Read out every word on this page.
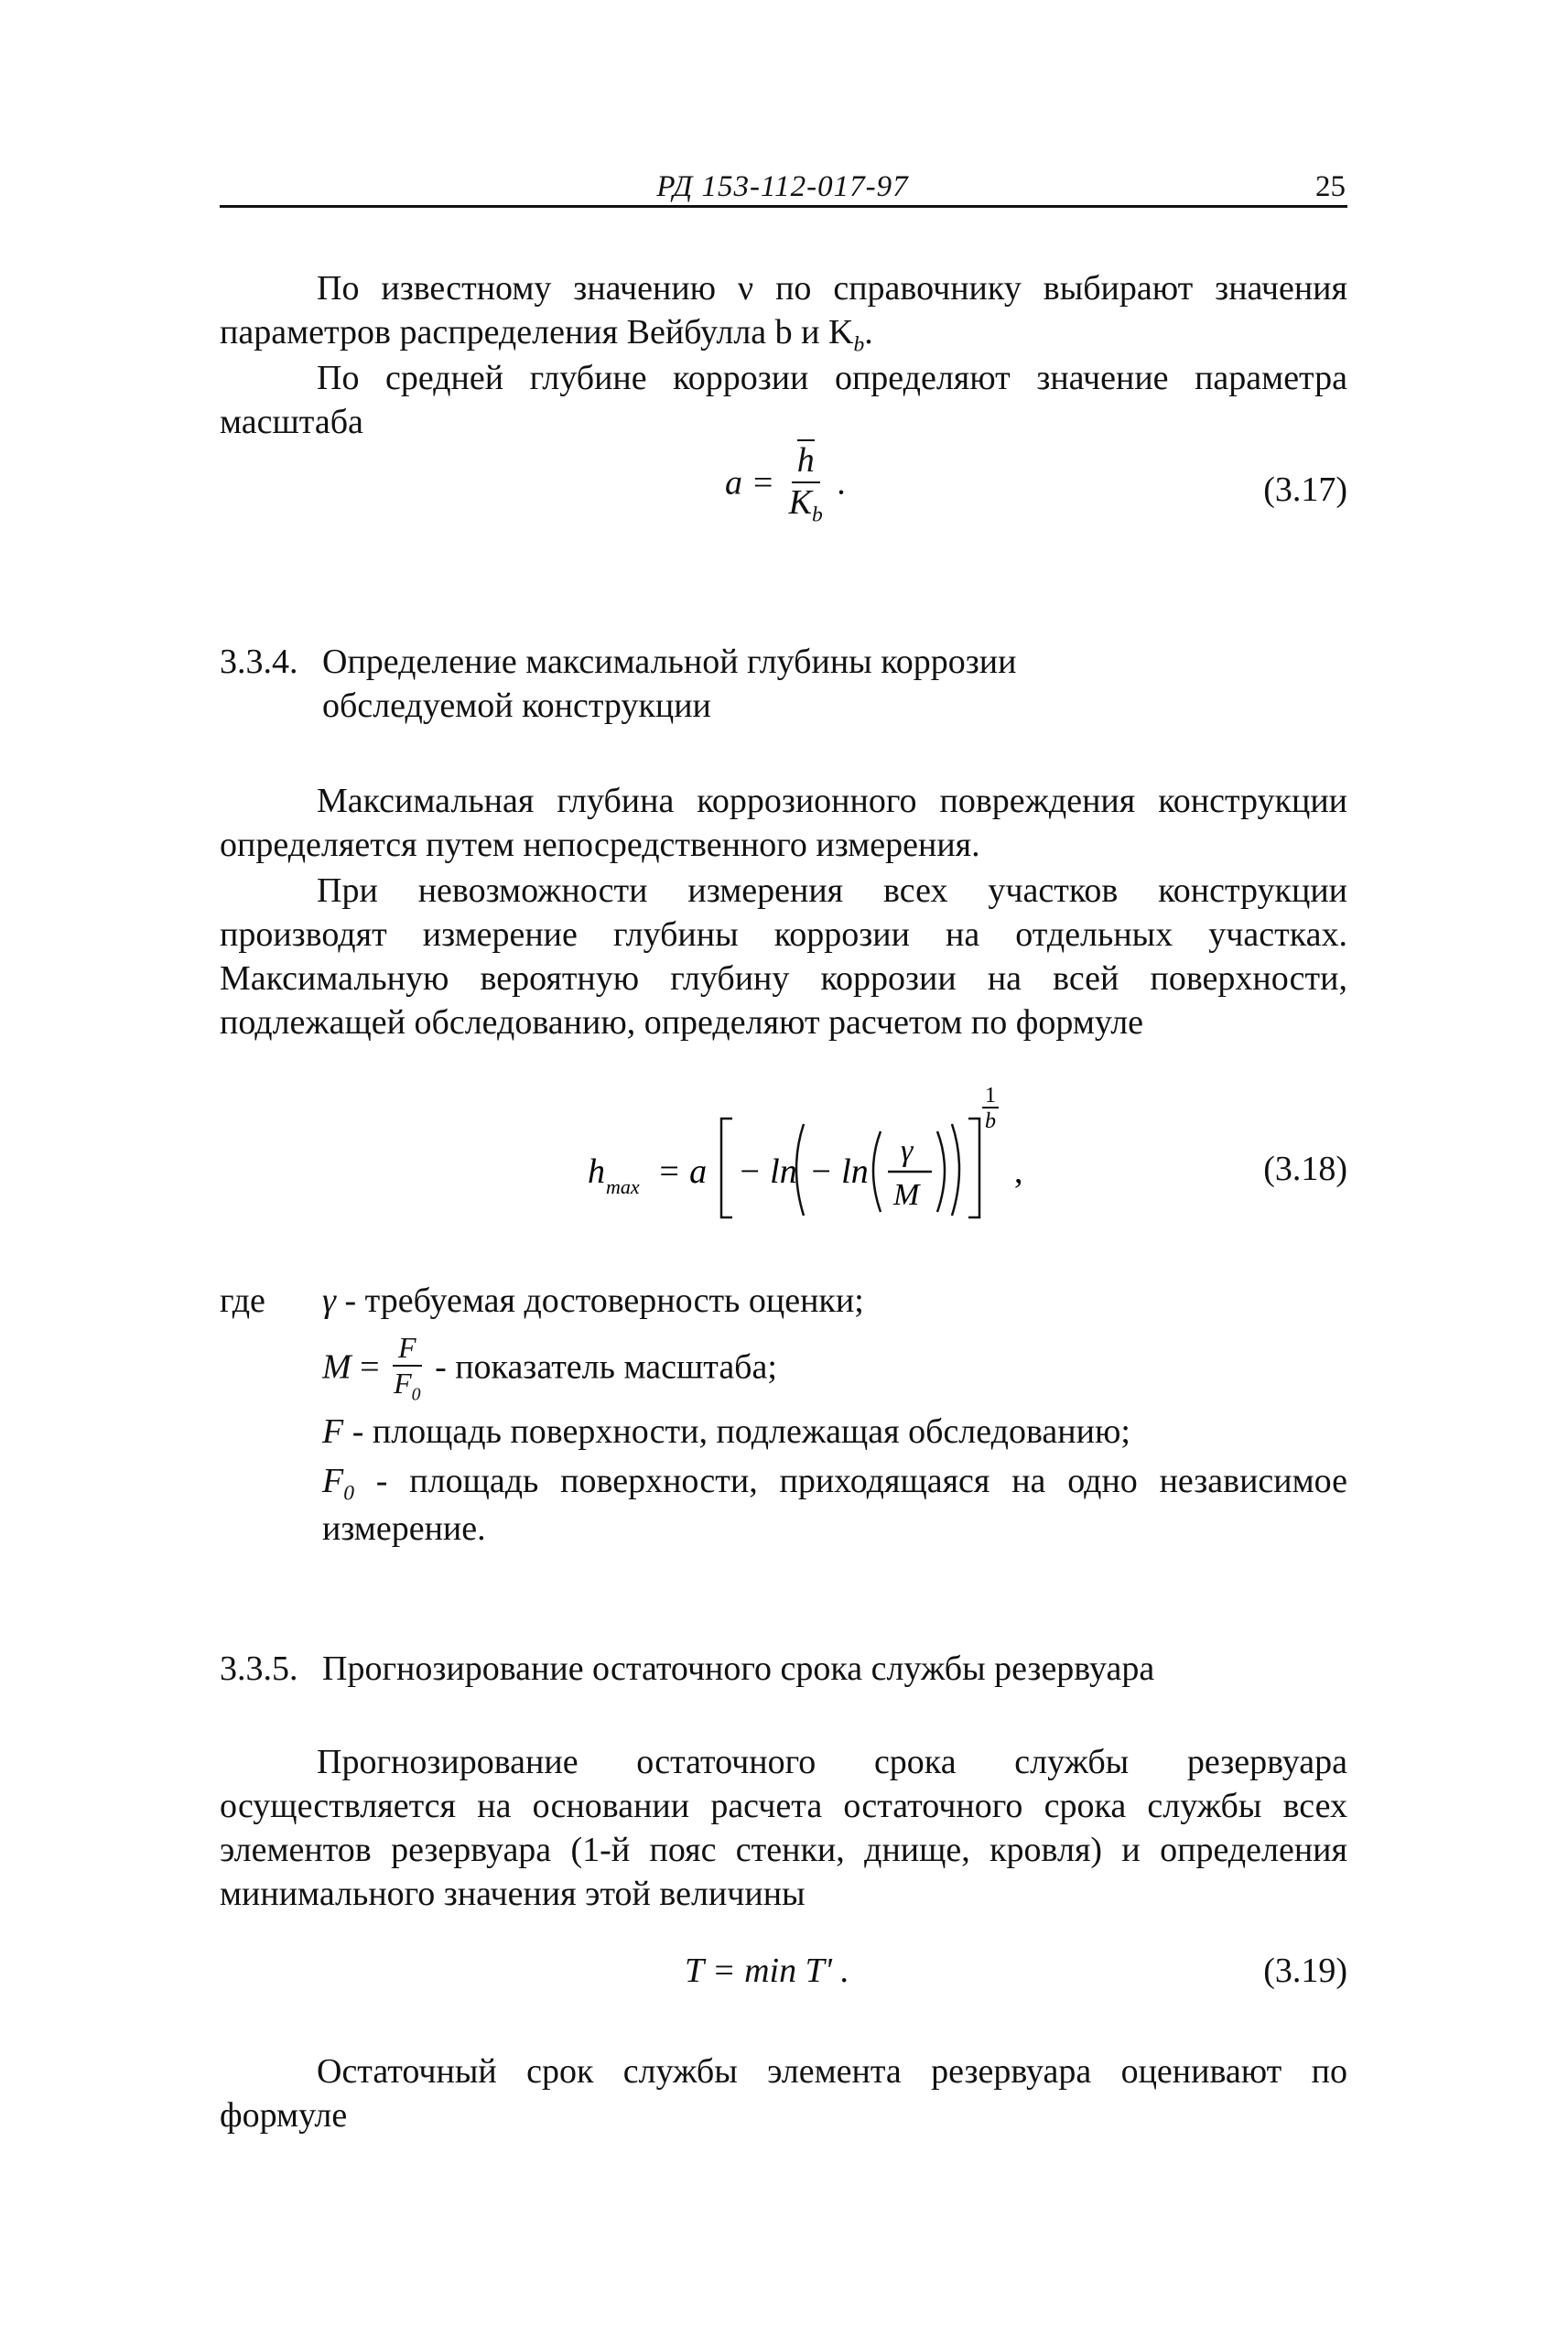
РД 153-112-017-97	25
По известному значению ν по справочнику выбирают значения параметров распределения Вейбулла b и $K_b$.
По средней глубине коррозии определяют значение параметра масштаба
$a = \frac{h}{K_b}$ .	(3.17)
3.3.4. Определение максимальной глубины коррозии
обследуемой конструкции
Максимальная глубина коррозионного повреждения конструкции определяется путем непосредственного измерения.
При невозможности измерения всех участков конструкции производят измерение глубины коррозии на отдельных участках. Максимальную вероятную глубину коррозии на всей поверхности, подлежащей обследованию, определяют расчетом по формуле
h max = a − ln − ln
γ
M
1
b
,	(3.18)
где γ - требуемая достоверность оценки;

$M = \frac{F}{F_0}$ - показатель масштаба;

F - площадь поверхности, подлежащая обследованию;

$F_0$ - площадь поверхности, приходящаяся на одно независимое измерение.

3.3.5. Прогнозирование остаточного срока службы резервуара
Прогнозирование остаточного срока службы резервуара осуществляется на основании расчета остаточного срока службы всех элементов резервуара (1-й пояс стенки, днище, кровля) и определения минимального значения этой величины
T = min T' .	(3.19)
Остаточный срок службы элемента резервуара оценивают по формуле
